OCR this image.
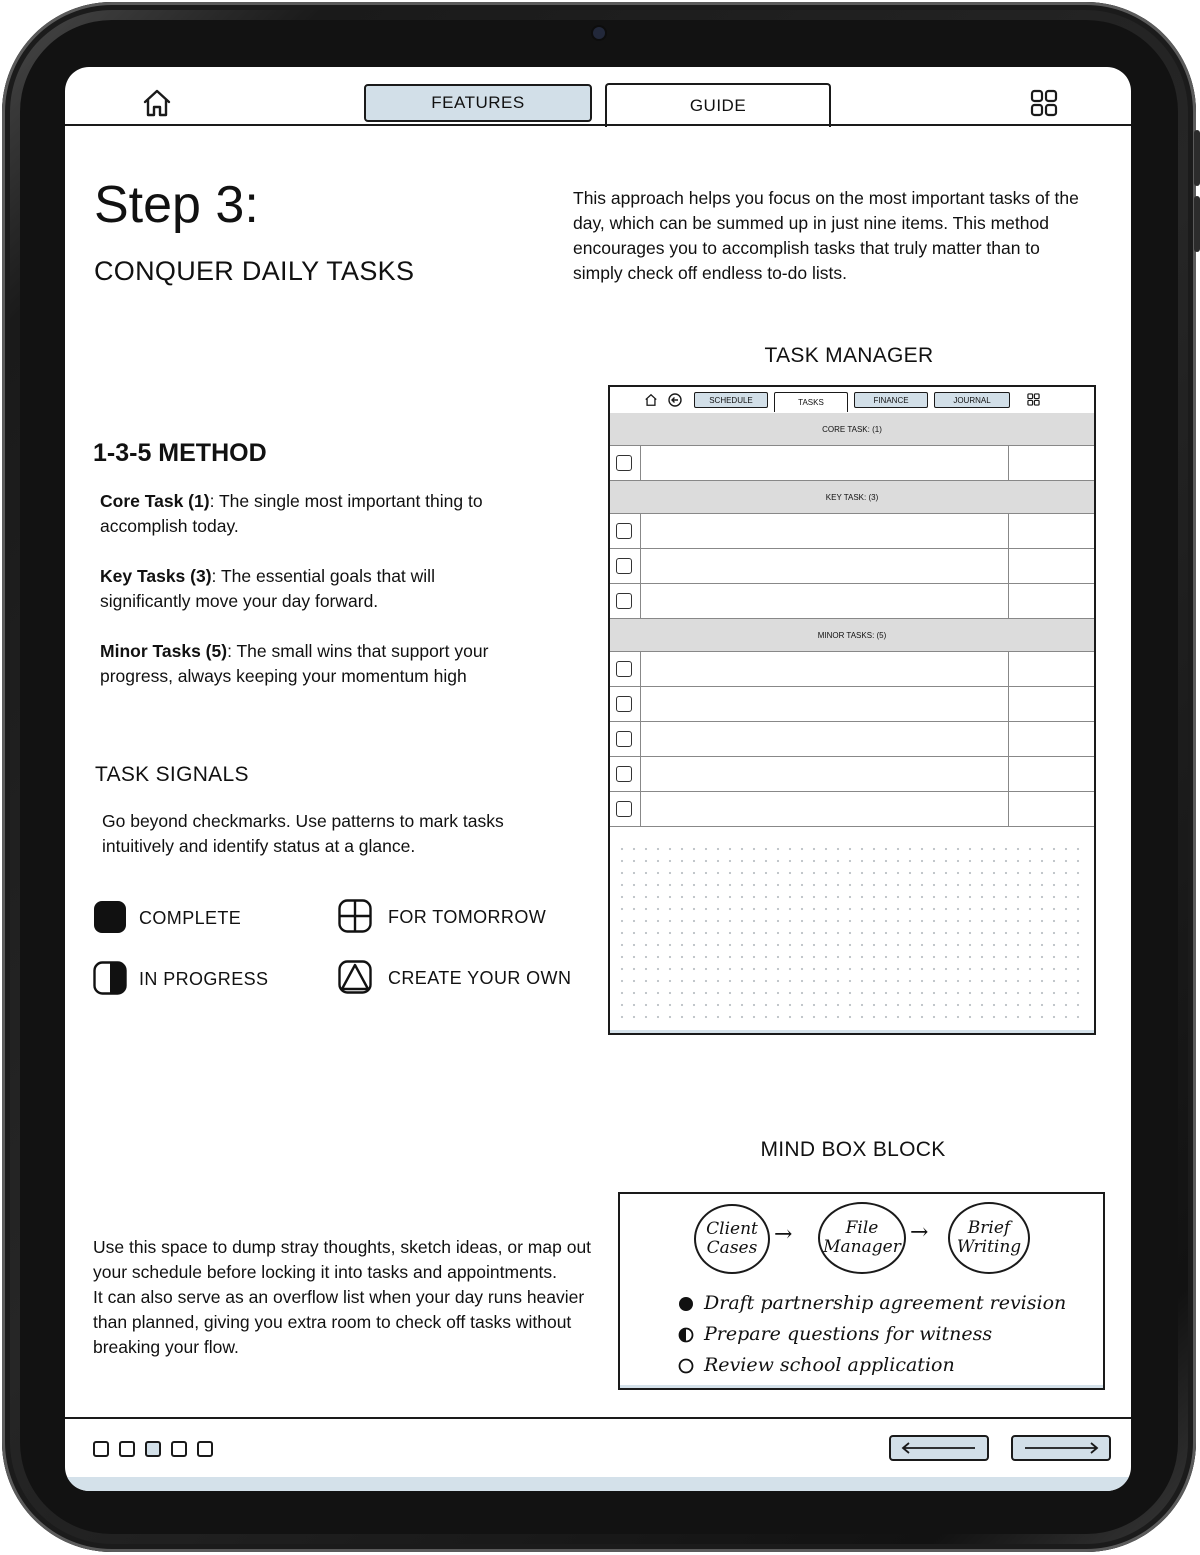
FEATURES	GUIDE
Step 3:
CONQUER DAILY TASKS
This approach helps you focus on the most important tasks of the day, which can be summed up in just nine items. This method encourages you to accomplish tasks that truly matter than to simply check off endless to-do lists.
1-3-5 METHOD
Core Task (1): The single most important thing to accomplish today.
Key Tasks (3): The essential goals that will significantly move your day forward.
Minor Tasks (5): The small wins that support your progress, always keeping your momentum high
TASK SIGNALS
Go beyond checkmarks. Use patterns to mark tasks intuitively and identify status at a glance.
COMPLETE	FOR TOMORROW
IN PROGRESS	CREATE YOUR OWN
TASK MANAGER
SCHEDULE	TASKS	FINANCE	JOURNAL
CORE TASK: (1)
KEY TASK: (3)
MINOR TASKS: (5)
MIND BOX BLOCK
Use this space to dump stray thoughts, sketch ideas, or map out your schedule before locking it into tasks and appointments.
It can also serve as an overflow list when your day runs heavier than planned, giving you extra room to check off tasks without breaking your flow.
Client
Cases
→	File
Manager
→ Brief
Writing
Draft partnership agreement revision
Prepare questions for witness
Review school application
